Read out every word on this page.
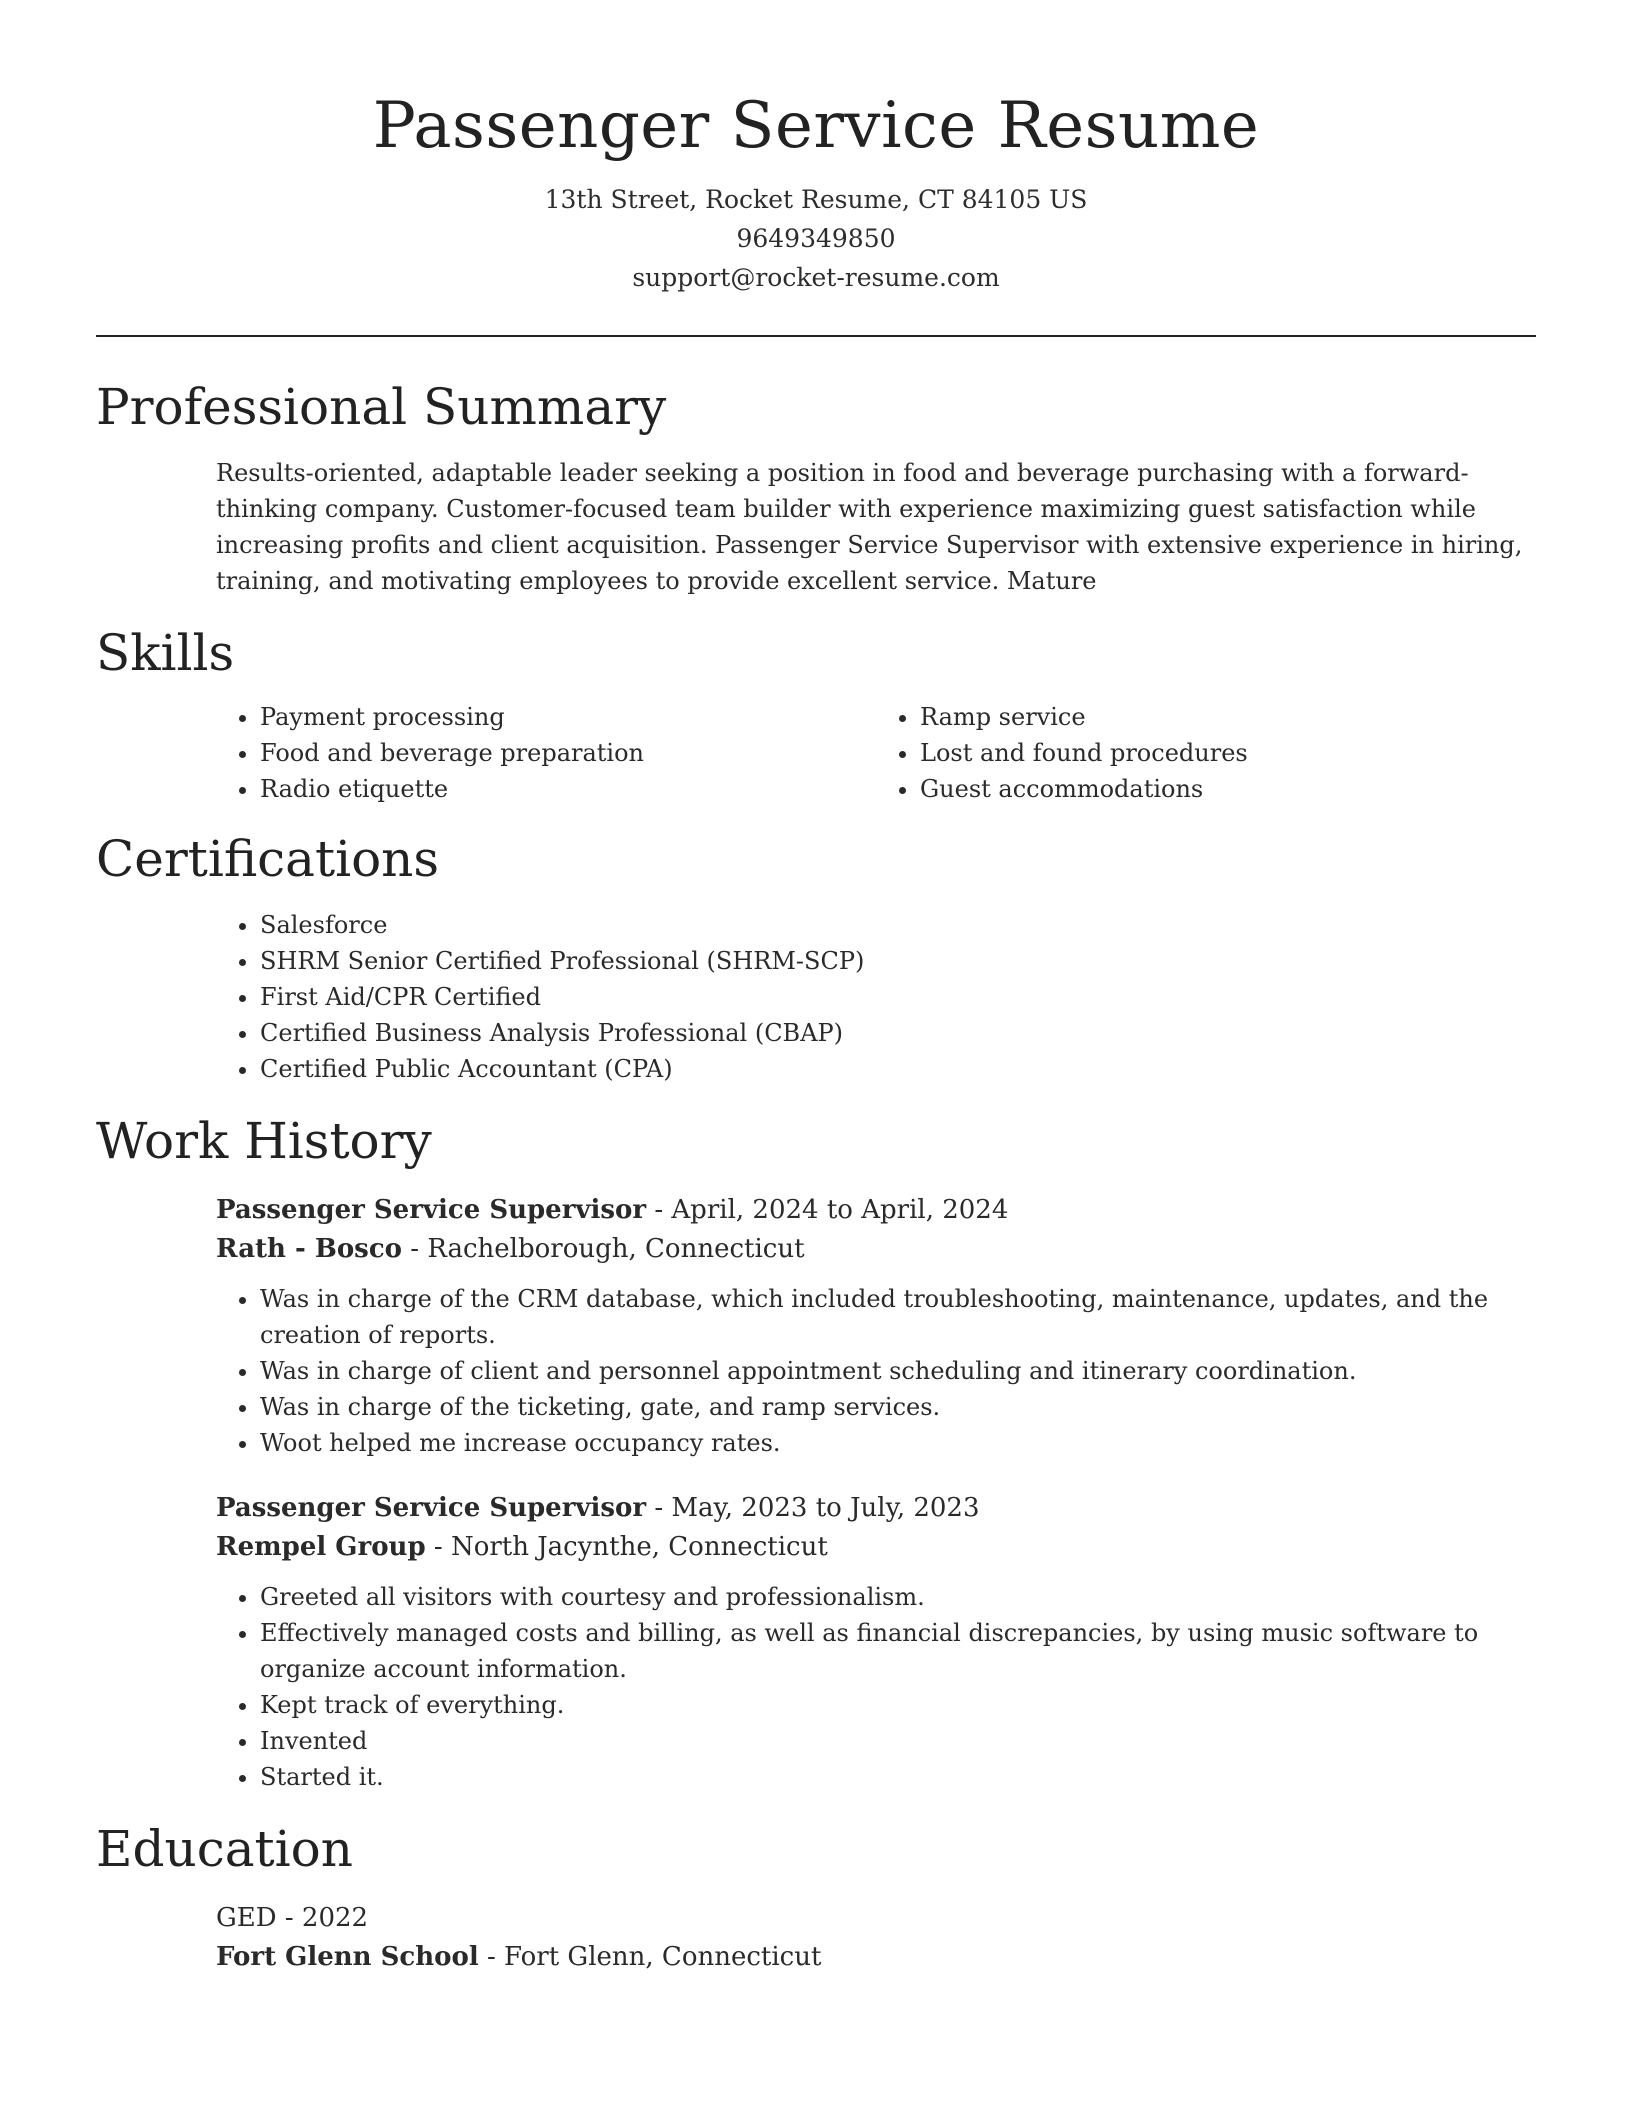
Passenger Service Resume
13th Street, Rocket Resume, CT 84105 US
9649349850
support@rocket-resume.com
Professional Summary

Results-oriented, adaptable leader seeking a position in food and beverage purchasing with a forward-thinking company. Customer-focused team builder with experience maximizing guest satisfaction while increasing profits and client acquisition. Passenger Service Supervisor with extensive experience in hiring, training, and motivating employees to provide excellent service. Mature

Skills
• Payment processing
• Food and beverage preparation
• Radio etiquette
• Ramp service
• Lost and found procedures
• Guest accommodations
Certifications
• Salesforce
• SHRM Senior Certified Professional (SHRM-SCP)
• First Aid/CPR Certified
• Certified Business Analysis Professional (CBAP)
• Certified Public Accountant (CPA)
Work History
Passenger Service Supervisor - April, 2024 to April, 2024
Rath - Bosco - Rachelborough, Connecticut
• Was in charge of the CRM database, which included troubleshooting, maintenance, updates, and the creation of reports.
• Was in charge of client and personnel appointment scheduling and itinerary coordination.
• Was in charge of the ticketing, gate, and ramp services.
• Woot helped me increase occupancy rates.
Passenger Service Supervisor - May, 2023 to July, 2023
Rempel Group - North Jacynthe, Connecticut
• Greeted all visitors with courtesy and professionalism.
• Effectively managed costs and billing, as well as financial discrepancies, by using music software to organize account information.
• Kept track of everything.
• Invented
• Started it.
Education
GED - 2022
Fort Glenn School - Fort Glenn, Connecticut
